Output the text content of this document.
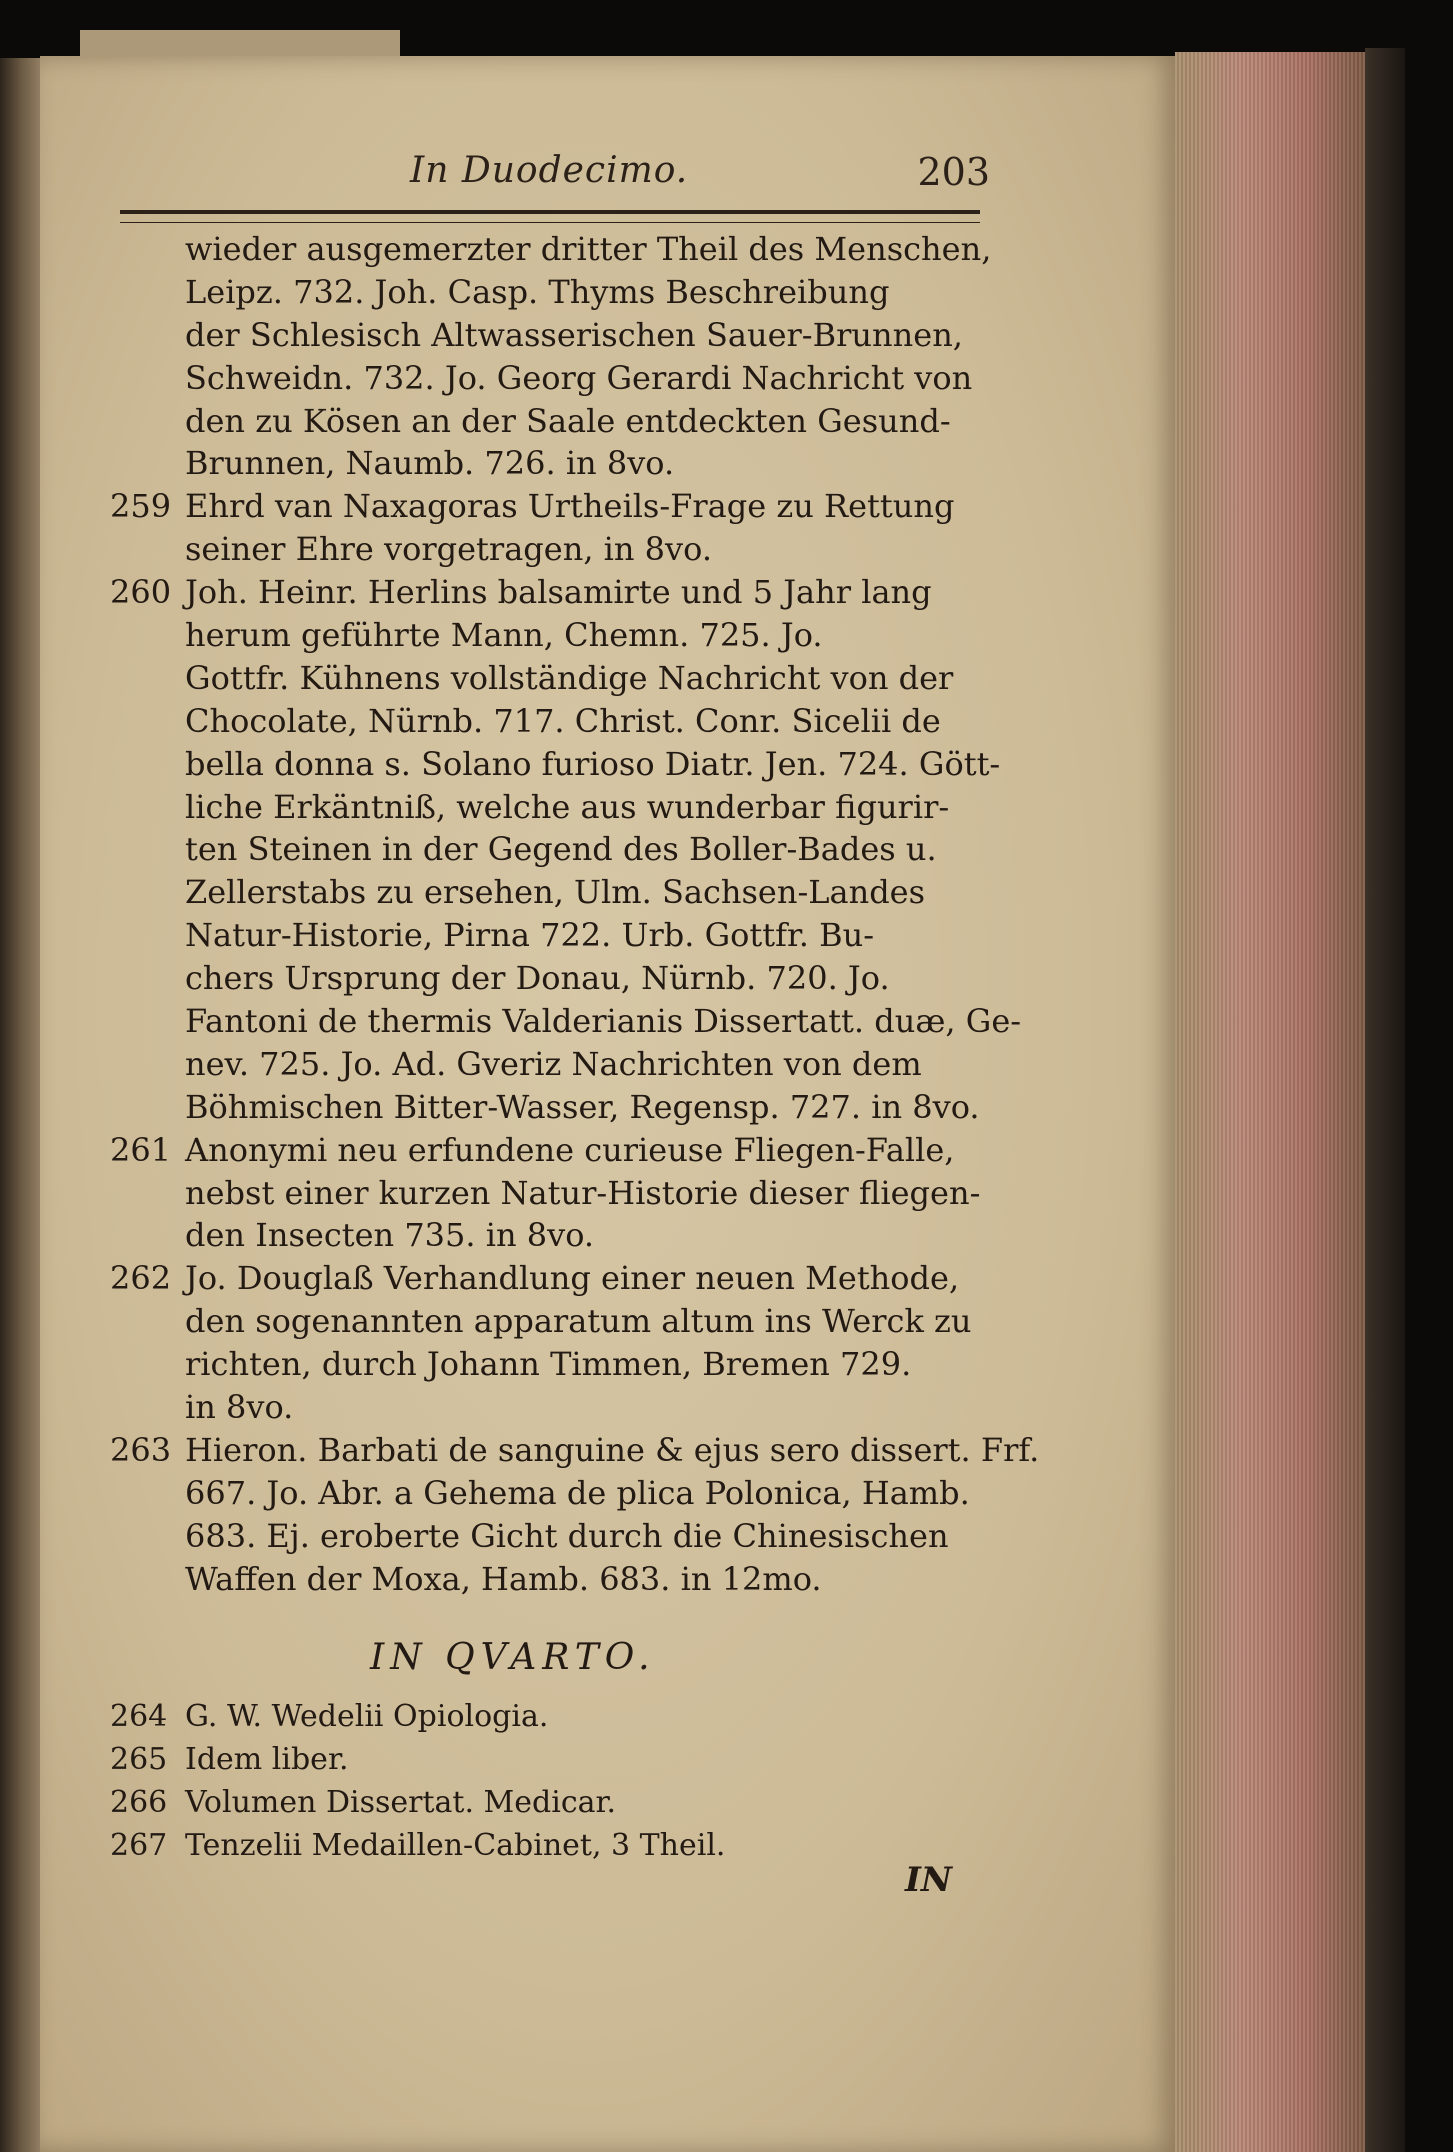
In Duodecimo.	203
wieder ausgemerzter dritter Theil des Menschen,
Leipz. 732. Joh. Casp. Thyms Beschreibung
der Schlesisch Altwasserischen Sauer-Brunnen,
Schweidn. 732. Jo. Georg Gerardi Nachricht von
den zu Kösen an der Saale entdeckten Gesund-
Brunnen, Naumb. 726. in 8vo.
259 Ehrd van Naxagoras Urtheils-Frage zu Rettung
seiner Ehre vorgetragen, in 8vo.
260 Joh. Heinr. Herlins balsamirte und 5 Jahr lang
herum geführte Mann, Chemn. 725. Jo.
Gottfr. Kühnens vollständige Nachricht von der
Chocolate, Nürnb. 717. Christ. Conr. Sicelii de
bella donna s. Solano furioso Diatr. Jen. 724. Gött-
liche Erkäntniß, welche aus wunderbar figurir-
ten Steinen in der Gegend des Boller-Bades u.
Zellerstabs zu ersehen, Ulm. Sachsen-Landes
Natur-Historie, Pirna 722. Urb. Gottfr. Bu-
chers Ursprung der Donau, Nürnb. 720. Jo.
Fantoni de thermis Valderianis Dissertatt. duæ, Ge-
nev. 725. Jo. Ad. Gveriz Nachrichten von dem
Böhmischen Bitter-Wasser, Regensp. 727. in 8vo.
261 Anonymi neu erfundene curieuse Fliegen-Falle,
nebst einer kurzen Natur-Historie dieser fliegen-
den Insecten 735. in 8vo.
262 Jo. Douglaß Verhandlung einer neuen Methode,
den sogenannten apparatum altum ins Werck zu
richten, durch Johann Timmen, Bremen 729.
in 8vo.
263 Hieron. Barbati de sanguine & ejus sero dissert. Frf.
667. Jo. Abr. a Gehema de plica Polonica, Hamb.
683. Ej. eroberte Gicht durch die Chinesischen
Waffen der Moxa, Hamb. 683. in 12mo.
IN QVARTO.
264 G. W. Wedelii Opiologia.
265 Idem liber.
266 Volumen Dissertat. Medicar.
267 Tenzelii Medaillen-Cabinet, 3 Theil.
IN
